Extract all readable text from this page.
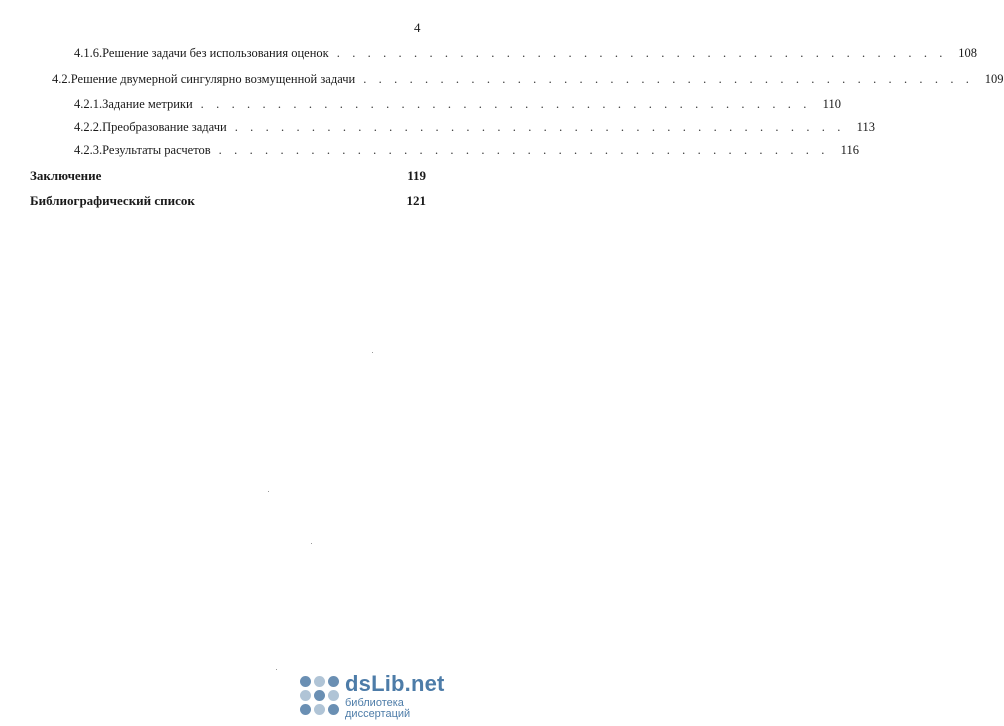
4
4.1.6. Решение задачи без использования оценок . . . . . . . . . . . . . . . . . . . . . . . . . . . . . . . . . . . . . . . . 108
4.2. Решение двумерной сингулярно возмущенной задачи . . . . . . . . . . . . . . . . . . . . . . . . . . . . . . . . . . . . . . . . 109
4.2.1. Задание метрики . . . . . . . . . . . . . . . . . . . . . . . . . . . . . . . . . . . . . . . . 110
4.2.2. Преобразование задачи . . . . . . . . . . . . . . . . . . . . . . . . . . . . . . . . . . . . . . . . 113
4.2.3. Результаты расчетов . . . . . . . . . . . . . . . . . . . . . . . . . . . . . . . . . . . . . . . . 116
Заключение	119
Библиографический список	121
dsLib.net
библиотека диссертаций
